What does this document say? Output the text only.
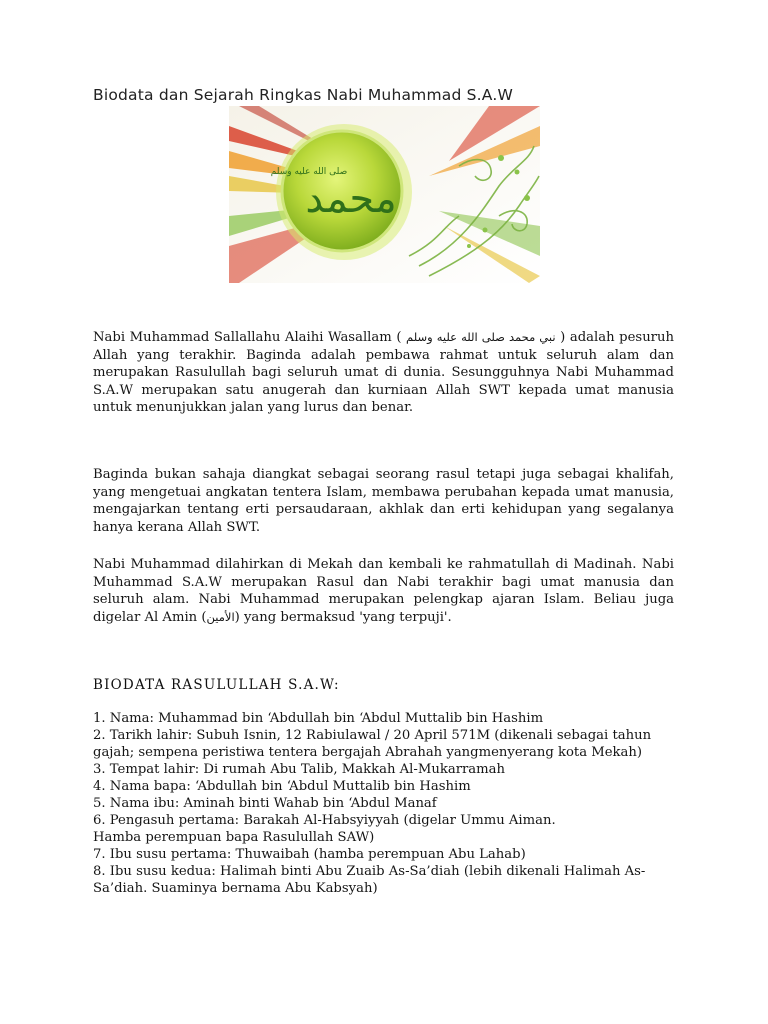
Biodata dan Sejarah Ringkas Nabi Muhammad S.A.W
محمد
صلى الله عليه وسلم

Nabi Muhammad Sallallahu Alaihi Wasallam ( نبي محمد صلى الله عليه وسلم ) adalah pesuruh Allah yang terakhir. Baginda adalah pembawa rahmat untuk seluruh alam dan merupakan Rasulullah bagi seluruh umat di dunia. Sesungguhnya Nabi Muhammad S.A.W merupakan satu anugerah dan kurniaan Allah SWT kepada umat manusia untuk menunjukkan jalan yang lurus dan benar.

Baginda bukan sahaja diangkat sebagai seorang rasul tetapi juga sebagai khalifah, yang mengetuai angkatan tentera Islam, membawa perubahan kepada umat manusia, mengajarkan tentang erti persaudaraan, akhlak dan erti kehidupan yang segalanya hanya kerana Allah SWT.

Nabi Muhammad dilahirkan di Mekah dan kembali ke rahmatullah di Madinah. Nabi Muhammad S.A.W merupakan Rasul dan Nabi terakhir bagi umat manusia dan seluruh alam. Nabi Muhammad merupakan pelengkap ajaran Islam. Beliau juga digelar Al Amin (الأمين) yang bermaksud 'yang terpuji'.

BIODATA RASULULLAH S.A.W:
1. Nama: Muhammad bin ‘Abdullah bin ‘Abdul Muttalib bin Hashim
2. Tarikh lahir: Subuh Isnin, 12 Rabiulawal / 20 April 571M (dikenali sebagai tahun gajah; sempena peristiwa tentera bergajah Abrahah yangmenyerang kota Mekah)
3. Tempat lahir: Di rumah Abu Talib, Makkah Al-Mukarramah
4. Nama bapa: ‘Abdullah bin ‘Abdul Muttalib bin Hashim
5. Nama ibu: Aminah binti Wahab bin ‘Abdul Manaf
6. Pengasuh pertama: Barakah Al-Habsyiyyah (digelar Ummu Aiman.
Hamba perempuan bapa Rasulullah SAW)
7. Ibu susu pertama: Thuwaibah (hamba perempuan Abu Lahab)
8. Ibu susu kedua: Halimah binti Abu Zuaib As-Sa’diah (lebih dikenali Halimah As-Sa’diah. Suaminya bernama Abu Kabsyah)
